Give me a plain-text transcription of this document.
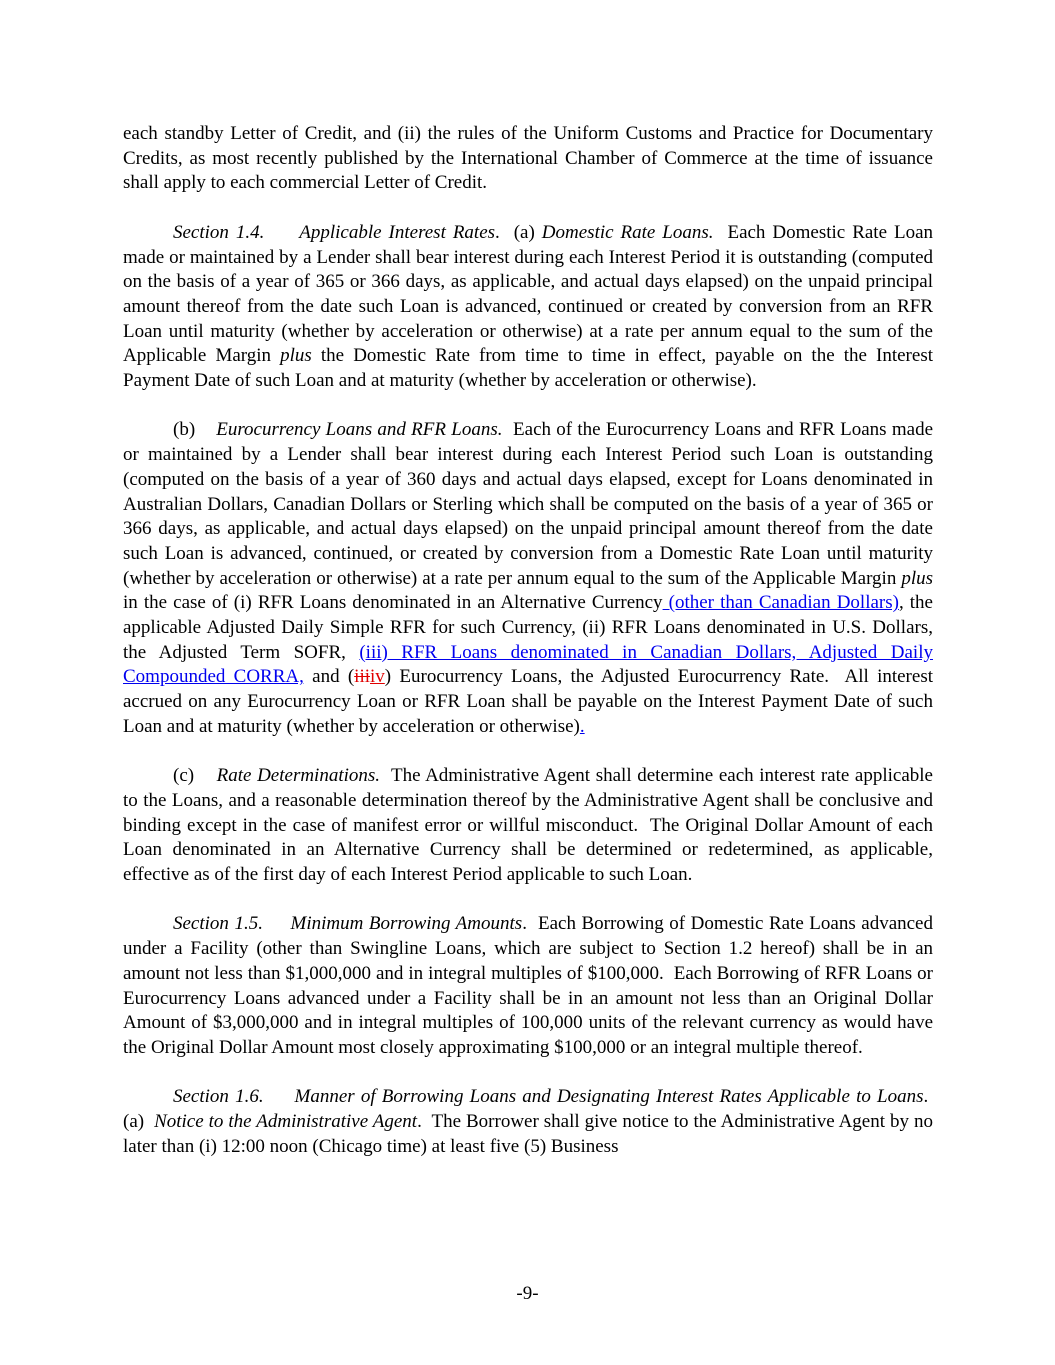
each standby Letter of Credit, and (ii) the rules of the Uniform Customs and Practice for Documentary Credits, as most recently published by the International Chamber of Commerce at the time of issuance shall apply to each commercial Letter of Credit.

Section 1.4. Applicable Interest Rates.  (a) Domestic Rate Loans.  Each Domestic Rate Loan made or maintained by a Lender shall bear interest during each Interest Period it is outstanding (computed on the basis of a year of 365 or 366 days, as applicable, and actual days elapsed) on the unpaid principal amount thereof from the date such Loan is advanced, continued or created by conversion from an RFR Loan until maturity (whether by acceleration or otherwise) at a rate per annum equal to the sum of the Applicable Margin plus the Domestic Rate from time to time in effect, payable on the the Interest Payment Date of such Loan and at maturity (whether by acceleration or otherwise).

(b)    Eurocurrency Loans and RFR Loans.  Each of the Eurocurrency Loans and RFR Loans made or maintained by a Lender shall bear interest during each Interest Period such Loan is outstanding (computed on the basis of a year of 360 days and actual days elapsed, except for Loans denominated in Australian Dollars, Canadian Dollars or Sterling which shall be computed on the basis of a year of 365 or 366 days, as applicable, and actual days elapsed) on the unpaid principal amount thereof from the date such Loan is advanced, continued, or created by conversion from a Domestic Rate Loan until maturity (whether by acceleration or otherwise) at a rate per annum equal to the sum of the Applicable Margin plus in the case of (i) RFR Loans denominated in an Alternative Currency (other than Canadian Dollars), the applicable Adjusted Daily Simple RFR for such Currency, (ii) RFR Loans denominated in U.S. Dollars, the Adjusted Term SOFR, (iii) RFR Loans denominated in Canadian Dollars, Adjusted Daily Compounded CORRA, and (iiiiv) Eurocurrency Loans, the Adjusted Eurocurrency Rate.  All interest accrued on any Eurocurrency Loan or RFR Loan shall be payable on the Interest Payment Date of such Loan and at maturity (whether by acceleration or otherwise).

(c)    Rate Determinations.  The Administrative Agent shall determine each interest rate applicable to the Loans, and a reasonable determination thereof by the Administrative Agent shall be conclusive and binding except in the case of manifest error or willful misconduct.  The Original Dollar Amount of each Loan denominated in an Alternative Currency shall be determined or redetermined, as applicable, effective as of the first day of each Interest Period applicable to such Loan.

Section 1.5. Minimum Borrowing Amounts.  Each Borrowing of Domestic Rate Loans advanced under a Facility (other than Swingline Loans, which are subject to Section 1.2 hereof) shall be in an amount not less than $1,000,000 and in integral multiples of $100,000.  Each Borrowing of RFR Loans or Eurocurrency Loans advanced under a Facility shall be in an amount not less than an Original Dollar Amount of $3,000,000 and in integral multiples of 100,000 units of the relevant currency as would have the Original Dollar Amount most closely approximating $100,000 or an integral multiple thereof.

Section 1.6. Manner of Borrowing Loans and Designating Interest Rates Applicable to Loans.  (a)  Notice to the Administrative Agent.  The Borrower shall give notice to the Administrative Agent by no later than (i) 12:00 noon (Chicago time) at least five (5) Business

-9-
